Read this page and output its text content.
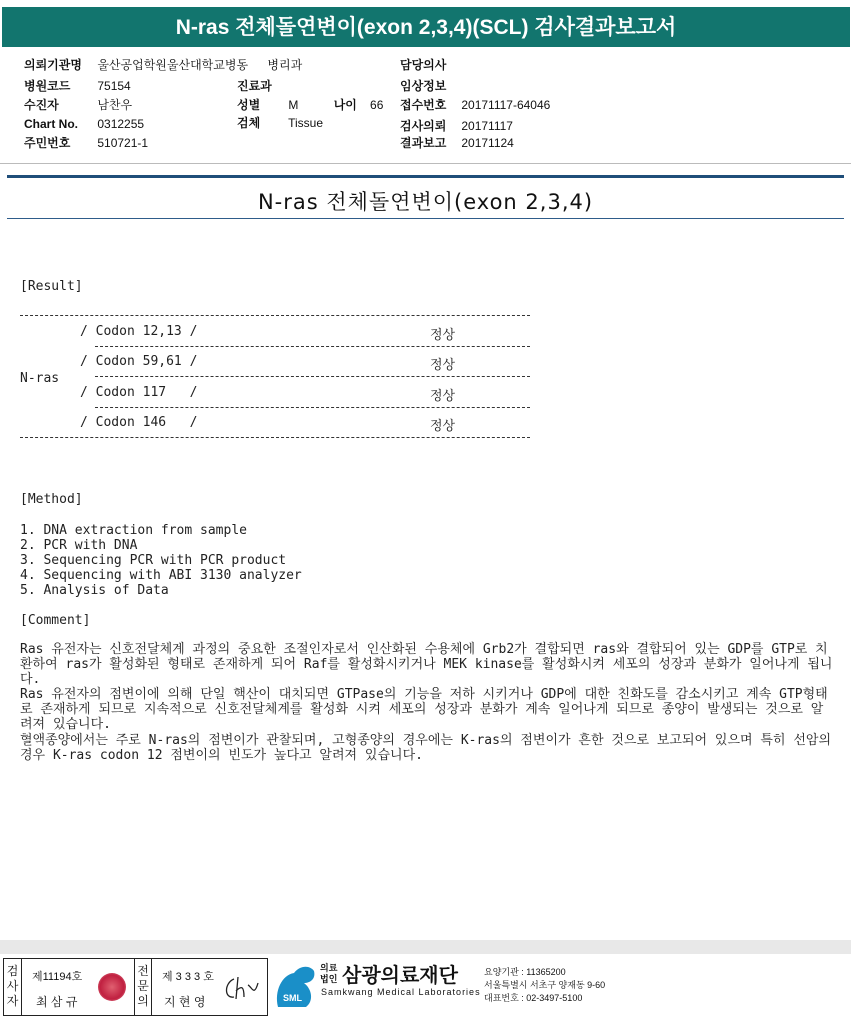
N-ras 전체돌연변이(exon 2,3,4)(SCL) 검사결과보고서
의뢰기관명 울산공업학원울산대학교병동 병리과
병원코드 75154
수진자	남찬우
Chart No. 0312255
주민번호 510721-1
진료과
성별 M	나이 66
검체 Tissue
담당의사
임상정보
접수번호 20171117-64046
검사의뢰 20171117
결과보고 20171124
N-ras 전체돌연변이(exon 2,3,4)
[Result]
N-ras
/ Codon 12,13 /	정상
/ Codon 59,61 /	정상
/ Codon 117   /	정상
/ Codon 146   /	정상
[Method]
1. DNA extraction from sample
2. PCR with DNA
3. Sequencing PCR with PCR product
4. Sequencing with ABI 3130 analyzer
5. Analysis of Data
[Comment]
Ras 유전자는 신호전달체계 과정의 중요한 조절인자로서 인산화된 수용체에 Grb2가 결합되면 ras와 결합되어 있는 GDP를 GTP로 치환하여 ras가 활성화된 형태로 존재하게 되어 Raf를 활성화시키거나 MEK kinase를 활성화시켜 세포의 성장과 분화가 일어나게 됩니다.
Ras 유전자의 점변이에 의해 단일 핵산이 대치되면 GTPase의 기능을 저하 시키거나 GDP에 대한 친화도를 감소시키고 계속 GTP형태로 존재하게 되므로 지속적으로 신호전달체계를 활성화 시켜 세포의 성장과 분화가 계속 일어나게 되므로 종양이 발생되는 것으로 알려져 있습니다.
혈액종양에서는 주로 N-ras의 점변이가 관찰되며, 고형종양의 경우에는 K-ras의 점변이가 흔한 것으로 보고되어 있으며 특히 선암의 경우 K-ras codon 12 점변이의 빈도가 높다고 알려져 있습니다.
검사자
제11194호
최 삼 규
전문의
제 3 3 3 호
지 현 영	SML
의료법인 삼광의료재단
Samkwang Medical Laboratories
요양기관 : 11365200
서울특별시 서초구 양재동 9-60
대표번호 : 02-3497-5100
